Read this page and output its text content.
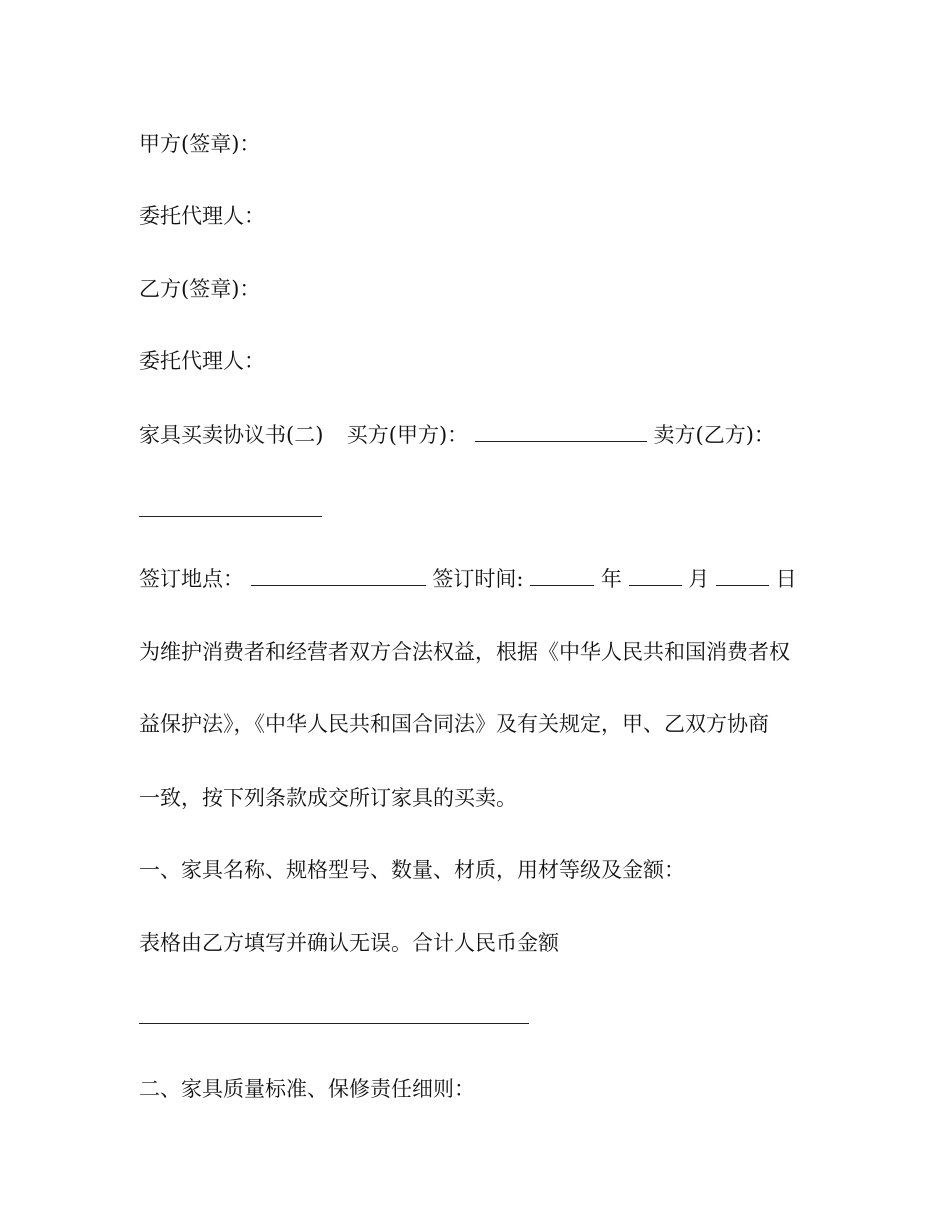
甲方(签章)：
委托代理人：
乙方(签章)：
委托代理人：
家具买卖协议书(二) 买方(甲方)：	卖方(乙方)：
签订地点：	签订时间:	年	月	日
为维护消费者和经营者双方合法权益，根据《中华人民共和国消费者权
益保护法》，《中华人民共和国合同法》及有关规定，甲、乙双方协商
一致，按下列条款成交所订家具的买卖。
一、家具名称、规格型号、数量、材质，用材等级及金额：
表格由乙方填写并确认无误。合计人民币金额
二、家具质量标准、保修责任细则：
